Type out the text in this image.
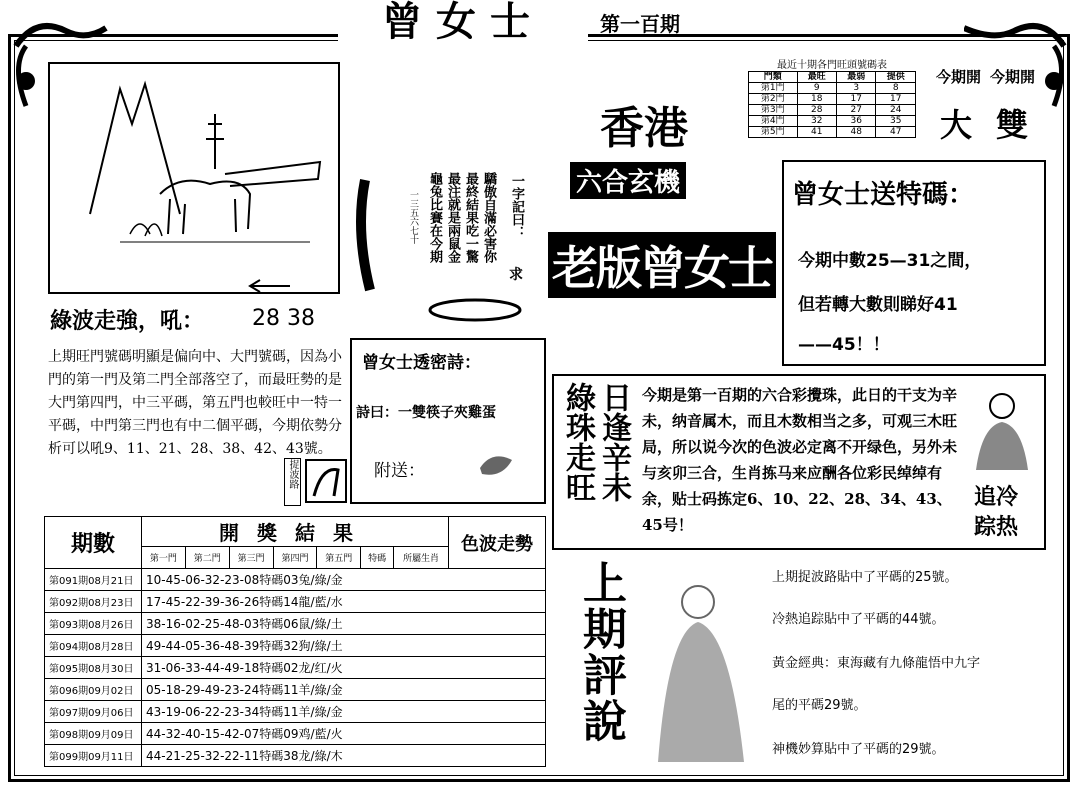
曾女士	第一百期
最近十期各門旺頭號碼表
門類	最旺	最弱	提供
第1門	9	3	8
第2門	18	17	17
第3門	28	27	24
第4門	32	36	35
第5門	41	48	47
今期開 今期開
大 雙
龜兔比賽在今期 最注就是兩鼠金 最終結果吃一驚 驕傲自滿必害你
一三五六七十	一字記曰：
求
香港
六合玄機
老版曾女士
曾女士送特碼：
今期中數25—31之間，
但若轉大數則睇好41
——45！！
綠波走強，吼： 28 38
上期旺門號碼明顯是偏向中、大門號碼，因為小門的第一門及第二門全部落空了，而最旺勢的是大門第四門，中三平碼，第五門也較旺中一特一平碼，中門第三門也有中二個平碼，今期依勢分析可以吼9、11、21、28、38、42、43號。
捉波路
曾女士透密詩：
詩曰：一雙筷子夾雞蛋
附送：	綠珠走旺 日逢辛未 今期是第一百期的六合彩攪珠，此日的干支为辛未，纳音属木，而且木数相当之多，可观三木旺局，所以说今次的色波必定离不开绿色，另外未与亥卯三合，生肖拣马来应酬各位彩民绰绰有余，贴士码拣定6、10、22、28、34、43、45号！
追冷
踪热
期數	開獎結果							色波走勢
	第一門	第二門	第三門	第四門	第五門	特碼	所屬生肖	
第091期08月21日	10-45-06-32-23-08特碼03兔/綠/金							
第092期08月23日	17-45-22-39-36-26特碼14龍/藍/水							
第093期08月26日	38-16-02-25-48-03特碼06鼠/綠/土							
第094期08月28日	49-44-05-36-48-39特碼32狗/綠/土							
第095期08月30日	31-06-33-44-49-18特碼02龙/红/火							
第096期09月02日	05-18-29-49-23-24特碼11羊/綠/金							
第097期09月06日	43-19-06-22-23-34特碼11羊/綠/金							
第098期09月09日	44-32-40-15-42-07特碼09鸡/藍/火							
第099期09月11日	44-21-25-32-22-11特碼38龙/綠/木							
上期評說	上期捉波路貼中了平碼的25號。
冷熱追踪貼中了平碼的44號。
黃金經典：東海藏有九條龍悟中九字
尾的平碼29號。
神機妙算貼中了平碼的29號。
